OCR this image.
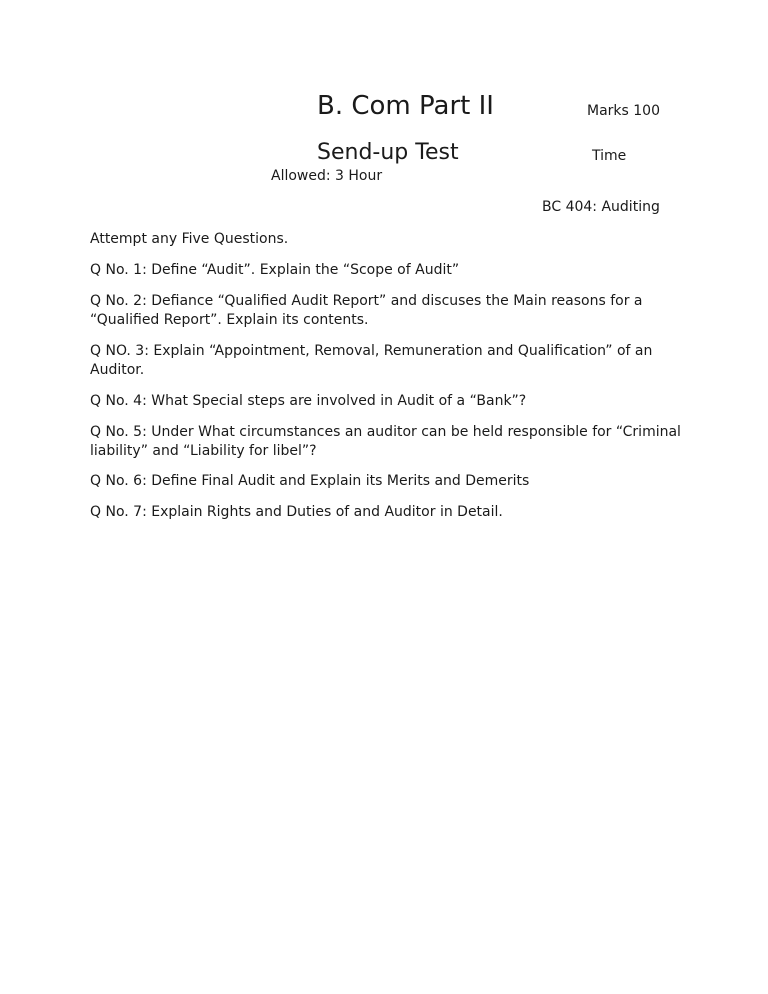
B. Com Part II	Marks 100
Send-up Test	Time
Allowed: 3 Hour
BC 404: Auditing
Attempt any Five Questions.
Q No. 1: Define “Audit”. Explain the “Scope of Audit”
Q No. 2: Defiance “Qualified Audit Report” and discuses the Main reasons for a “Qualified Report”. Explain its contents.
Q NO. 3: Explain “Appointment, Removal, Remuneration and Qualification” of an Auditor.
Q No. 4: What Special steps are involved in Audit of a “Bank”?
Q No. 5: Under What circumstances an auditor can be held responsible for “Criminal liability” and “Liability for libel”?
Q No. 6: Define Final Audit and Explain its Merits and Demerits
Q No. 7: Explain Rights and Duties of and Auditor in Detail.
